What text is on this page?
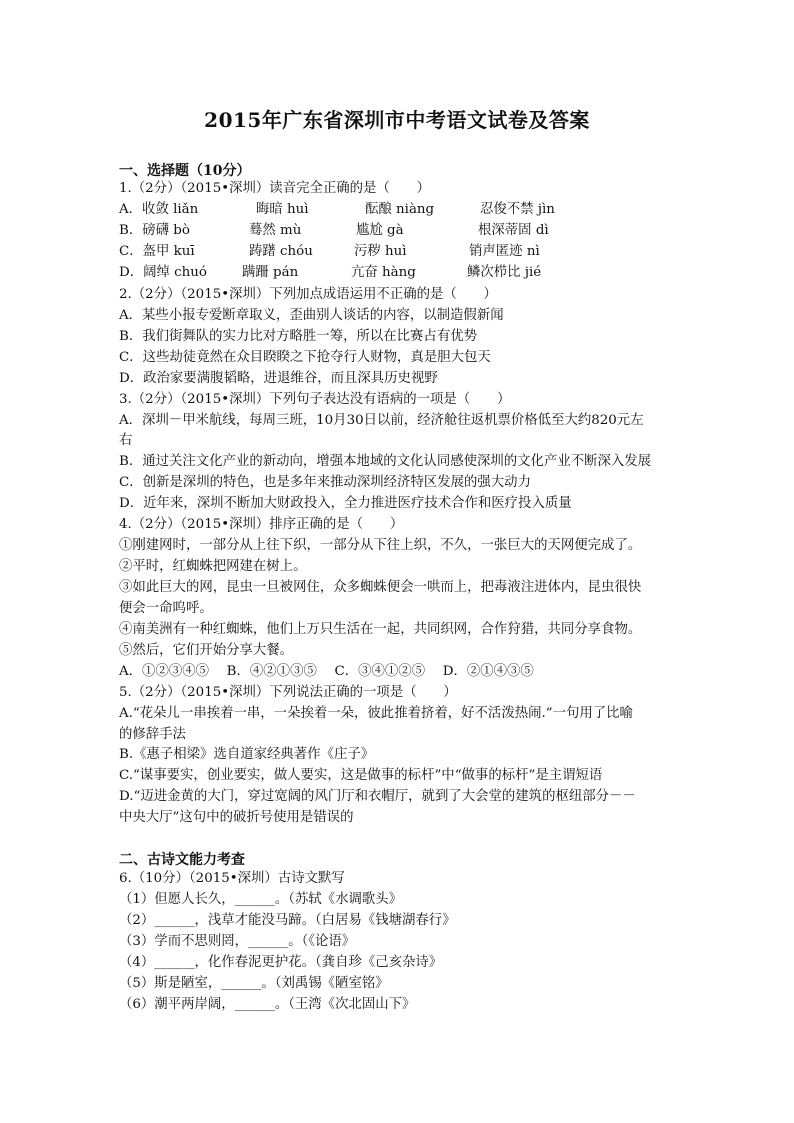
2015年广东省深圳市中考语文试卷及答案
一、选择题（10分）
1.（2分）（2015•深圳）读音完全正确的是（　　）
A．收敛 liǎn	晦暗 huì	酝酿 niàng	忍俊不禁 jìn
B．磅礴 bò	蓦然 mù	尴尬 gà	根深蒂固 dì
C．盔甲 kuī	踌躇 chóu	污秽 huì	销声匿迹 nì
D．阔绰 chuó	蹒跚 pán	亢奋 hàng	鳞次栉比 jié
2.（2分）（2015•深圳）下列加点成语运用不正确的是（　　）
A．某些小报专爱断章取义，歪曲别人谈话的内容，以制造假新闻
B．我们街舞队的实力比对方略胜一筹，所以在比赛占有优势
C．这些劫徒竟然在众目睽睽之下抢夺行人财物，真是胆大包天
D．政治家要满腹韬略，进退维谷，而且深具历史视野
3.（2分）（2015•深圳）下列句子表达没有语病的一项是（　　）
A．深圳－甲米航线，每周三班，10月30日以前，经济舱往返机票价格低至大约820元左
右
B．通过关注文化产业的新动向，增强本地域的文化认同感使深圳的文化产业不断深入发展
C．创新是深圳的特色，也是多年来推动深圳经济特区发展的强大动力
D．近年来，深圳不断加大财政投入，全力推进医疗技术合作和医疗投入质量
4.（2分）（2015•深圳）排序正确的是（　　）
①刚建网时，一部分从上往下织，一部分从下往上织，不久，一张巨大的天网便完成了。
②平时，红蜘蛛把网建在树上。
③如此巨大的网，昆虫一旦被网住，众多蜘蛛便会一哄而上，把毒液注进体内，昆虫很快
便会一命呜呼。
④南美洲有一种红蜘蛛，他们上万只生活在一起，共同织网，合作狩猎，共同分享食物。
⑤然后，它们开始分享大餐。
A．①②③④⑤　 B．④②①③⑤　 C．③④①②⑤　 D．②①④③⑤
5.（2分）（2015•深圳）下列说法正确的一项是（　　）
A.“花朵儿一串挨着一串，一朵挨着一朵，彼此推着挤着，好不活泼热闹.”一句用了比喻
的修辞手法
B.《惠子相梁》选自道家经典著作《庄子》
C.“谋事要实，创业要实，做人要实，这是做事的标杆”中“做事的标杆”是主谓短语
D.“迈进金黄的大门，穿过宽阔的风门厅和衣帽厅，就到了大会堂的建筑的枢纽部分－－
中央大厅”这句中的破折号使用是错误的
二、古诗文能力考查
6.（10分）（2015•深圳）古诗文默写
（1）但愿人长久，______。（苏轼《水调歌头》
（2）______，浅草才能没马蹄。（白居易《钱塘湖春行》
（3）学而不思则罔，______。（《论语》
（4）______，化作春泥更护花。（龚自珍《己亥杂诗》
（5）斯是陋室，______。（刘禹锡《陋室铭》
（6）潮平两岸阔，______。（王湾《次北固山下》
